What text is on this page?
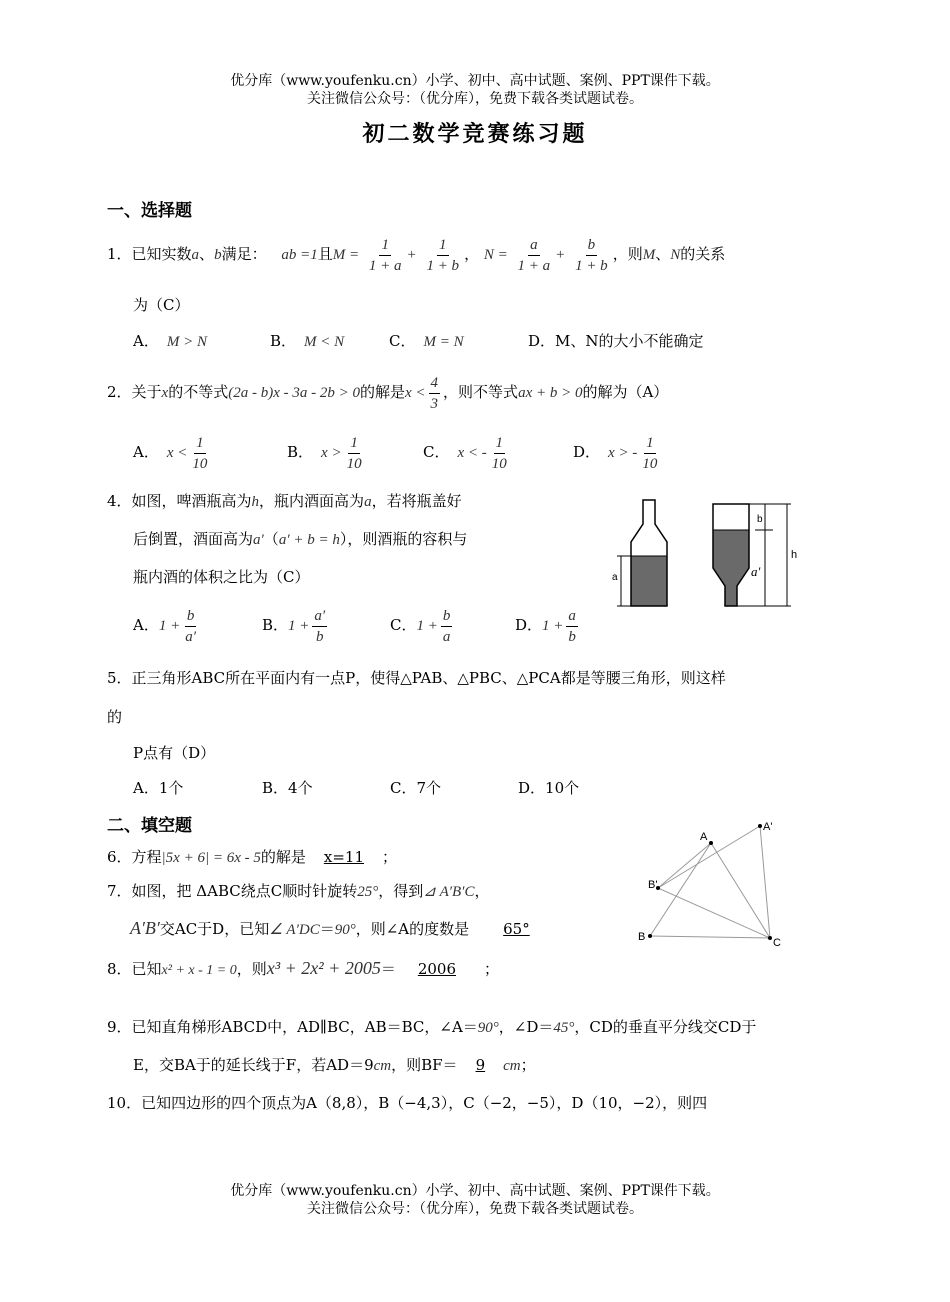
优分库（www.youfenku.cn）小学、初中、高中试题、案例、PPT课件下载。
关注微信公众号：（优分库），免费下载各类试题试卷。
初二数学竞赛练习题
一、选择题
1．已知实数a、b满足： ab =1且$M = \frac{1}{1 + a} + \frac{1}{1 + b}$ ， $N = \frac{a}{1 + a} + \frac{b}{1 + b}$ ，则M、N的关系
为（C）
A． M > N	B． M < N	C． M = N	D．M、N的大小不能确定
2．关于x的不等式(2a - b)x - 3a - 2b > 0的解是$x < \frac{4}{3}$ ，则不等式ax + b > 0的解为（A）
A． $x < \frac{1}{10}$	B． $x > \frac{1}{10}$	C． x < - $\frac{1}{10}$	D． x > - $\frac{1}{10}$
4．如图，啤酒瓶高为h，瓶内酒面高为a，若将瓶盖好
后倒置，酒面高为a′（a′ + b = h），则酒瓶的容积与
瓶内酒的体积之比为（C）
A．$1 + \frac{b}{a'}$	B．$1 + \frac{a'}{b}$	C．$1 + \frac{b}{a}$	D．$1 + \frac{a}{b}$
a
b
h
a′
5．正三角形ABC所在平面内有一点P，使得△PAB、△PBC、△PCA都是等腰三角形，则这样
的
P点有（D）
A．1个	B．4个	C．7个	D．10个
二、填空题
6．方程|5x + 6| = 6x - 5的解是 x=11 ；
7．如图，把 ΔABC绕点C顺时针旋转25°，得到⊿ A′B′C，
A′B′交AC于D，已知∠ A′DC＝90°，则∠A的度数是 65°
A
A'
B'
B	C
8．已知x² + x - 1 = 0，则x³ + 2x² + 2005＝ 2006 ；
9．已知直角梯形ABCD中，AD∥BC，AB＝BC，∠A＝90°，∠D＝45°，CD的垂直平分线交CD于
E，交BA于的延长线于F，若AD＝9cm，则BF＝ 9 cm；
10．已知四边形的四个顶点为A（8,8），B（−4,3），C（−2，−5），D（10，−2），则四
优分库（www.youfenku.cn）小学、初中、高中试题、案例、PPT课件下载。
关注微信公众号：（优分库），免费下载各类试题试卷。
